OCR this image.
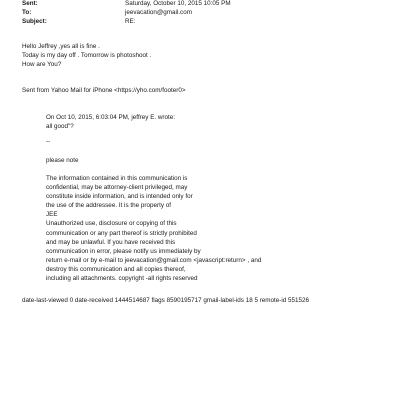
Sent:	Saturday, October 10, 2015 10:05 PM
To:	jeevacation@gmail.com
Subject:	RE:
Hello Jeffrey ,yes all is fine .
Today is my day off . Tomorrow is photoshoot .
How are You?
Sent from Yahoo Mail for iPhone <https://yho.com/footer0>
On Oct 10, 2015, 6:03:04 PM, jeffrey E. wrote:
all good"?
--
please note
The information contained in this communication is
confidential, may be attorney-client privileged, may
constitute inside information, and is intended only for
the use of the addressee. It is the property of
JEE
Unauthorized use, disclosure or copying of this
communication or any part thereof is strictly prohibited
and may be unlawful. If you have received this
communication in error, please notify us immediately by
return e-mail or by e-mail to jeevacation@gmail.com <javascript:return> , and
destroy this communication and all copies thereof,
including all attachments. copyright -all rights reserved
date-last-viewed 0 date-received 1444514687 flags 8590195717 gmail-label-ids 18 5 remote-id 551526
